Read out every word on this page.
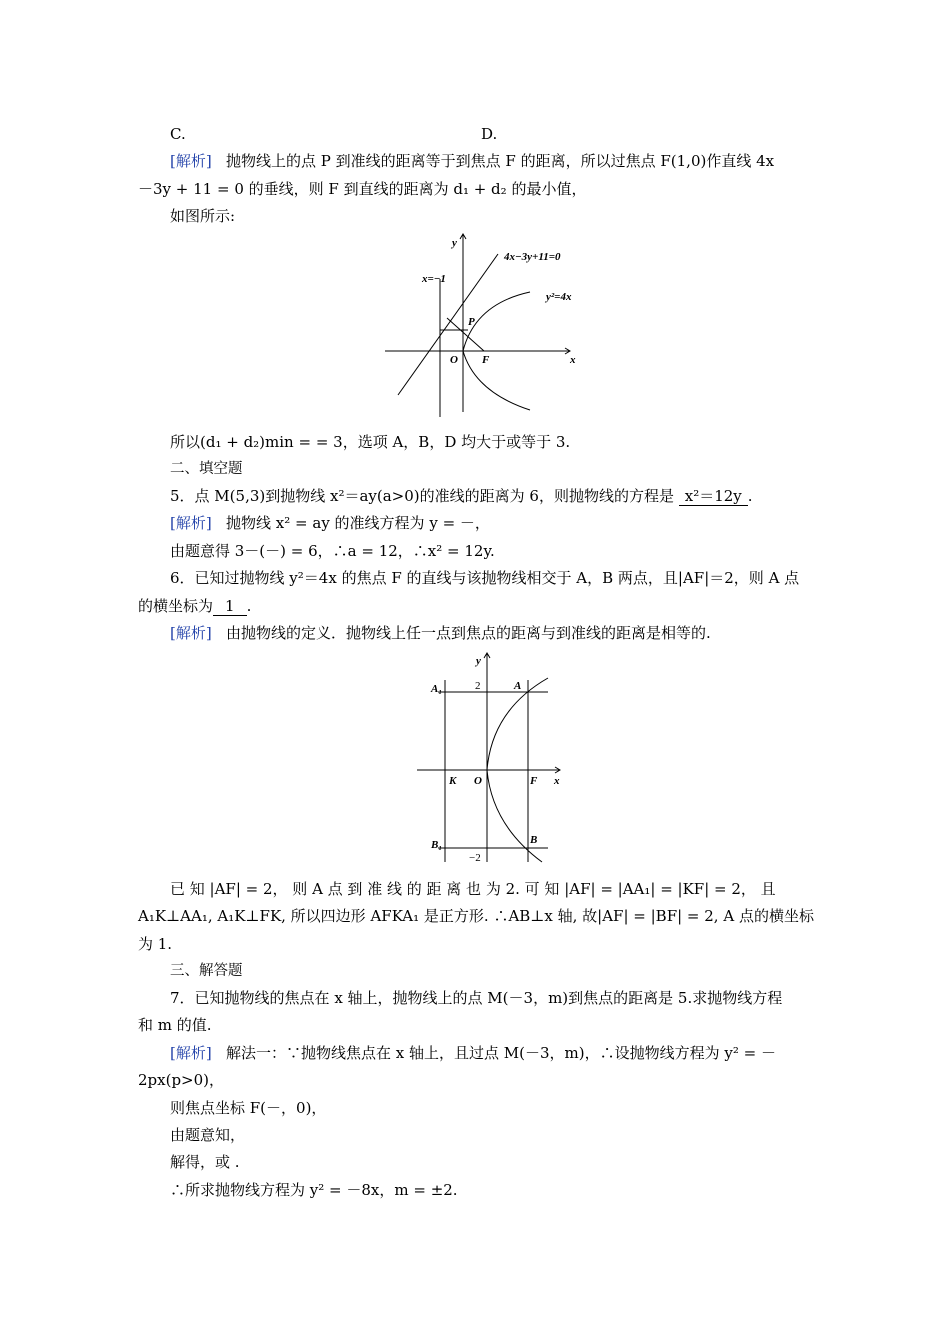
C.	D.
[解析] 抛物线上的点 P 到准线的距离等于到焦点 F 的距离，所以过焦点 F(1,0)作直线 4x
－3y + 11 = 0 的垂线，则 F 到直线的距离为 d₁ + d₂ 的最小值，
如图所示:
y
x
O F
P
4x−3y+11=0
x=−1
y²=4x
所以(d₁ + d₂)min = = 3，选项 A，B，D 均大于或等于 3.
二、填空题
5．点 M(5,3)到抛物线 x²＝ay(a>0)的准线的距离为 6，则抛物线的方程是 x²＝12y .
[解析] 抛物线 x² = ay 的准线方程为 y = －，
由题意得 3－(－) = 6，∴a = 12，∴x² = 12y.
6．已知过抛物线 y²＝4x 的焦点 F 的直线与该抛物线相交于 A，B 两点，且|AF|＝2，则 A 点
的横坐标为 1 .
[解析] 由抛物线的定义．抛物线上任一点到焦点的距离与到准线的距离是相等的.
y
x
A₁	A
K O	F
B₁	B
2
−2
已 知 |AF| = 2， 则 A 点 到 准 线 的 距 离 也 为 2. 可 知 |AF| = |AA₁| = |KF| = 2， 且
A₁K⊥AA₁, A₁K⊥FK, 所以四边形 AFKA₁ 是正方形. ∴AB⊥x 轴, 故|AF| = |BF| = 2, A 点的横坐标
为 1.
三、解答题
7．已知抛物线的焦点在 x 轴上，抛物线上的点 M(－3，m)到焦点的距离是 5.求抛物线方程
和 m 的值.
[解析] 解法一：∵抛物线焦点在 x 轴上，且过点 M(－3，m)，∴设抛物线方程为 y² = －
2px(p>0)，
则焦点坐标 F(－，0)，
由题意知，
解得，或 .
∴所求抛物线方程为 y² = －8x，m = ±2.
